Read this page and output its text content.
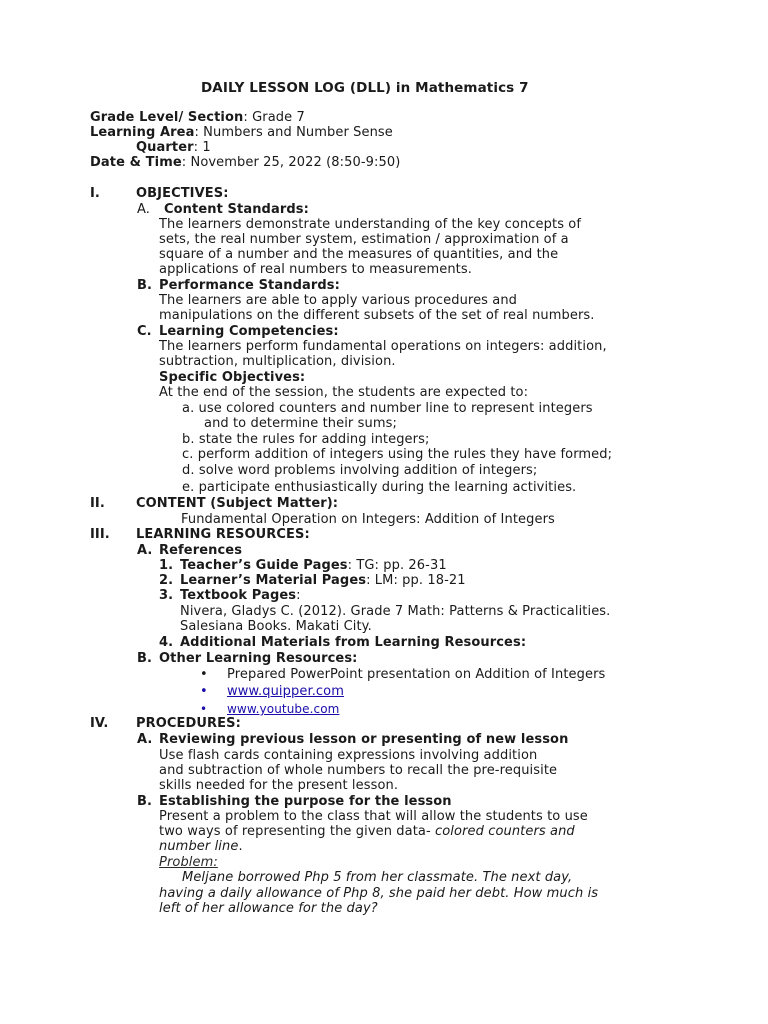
DAILY LESSON LOG (DLL) in Mathematics 7
Grade Level/ Section: Grade 7
Learning Area: Numbers and Number Sense
Quarter: 1
Date & Time: November 25, 2022 (8:50-9:50)
I.	OBJECTIVES:
A. Content Standards:
The learners demonstrate understanding of the key concepts of
sets, the real number system, estimation / approximation of a
square of a number and the measures of quantities, and the
applications of real numbers to measurements.
B. Performance Standards:
The learners are able to apply various procedures and
manipulations on the different subsets of the set of real numbers.
C. Learning Competencies:
The learners perform fundamental operations on integers: addition,
subtraction, multiplication, division.
Specific Objectives:
At the end of the session, the students are expected to:
a. use colored counters and number line to represent integers
and to determine their sums;
b. state the rules for adding integers;
c. perform addition of integers using the rules they have formed;
d. solve word problems involving addition of integers;
e. participate enthusiastically during the learning activities.
II. CONTENT (Subject Matter):
Fundamental Operation on Integers: Addition of Integers
III. LEARNING RESOURCES:
A. References
1. Teacher’s Guide Pages: TG: pp. 26-31
2. Learner’s Material Pages: LM: pp. 18-21
3. Textbook Pages:
Nivera, Gladys C. (2012). Grade 7 Math: Patterns & Practicalities.
Salesiana Books. Makati City.
4. Additional Materials from Learning Resources:
B. Other Learning Resources:
• Prepared PowerPoint presentation on Addition of Integers
• www.quipper.com
• www.youtube.com
IV. PROCEDURES:
A. Reviewing previous lesson or presenting of new lesson
Use flash cards containing expressions involving addition
and subtraction of whole numbers to recall the pre-requisite
skills needed for the present lesson.
B. Establishing the purpose for the lesson
Present a problem to the class that will allow the students to use
two ways of representing the given data- colored counters and
number line.
Problem:
Meljane borrowed Php 5 from her classmate. The next day,
having a daily allowance of Php 8, she paid her debt. How much is
left of her allowance for the day?
